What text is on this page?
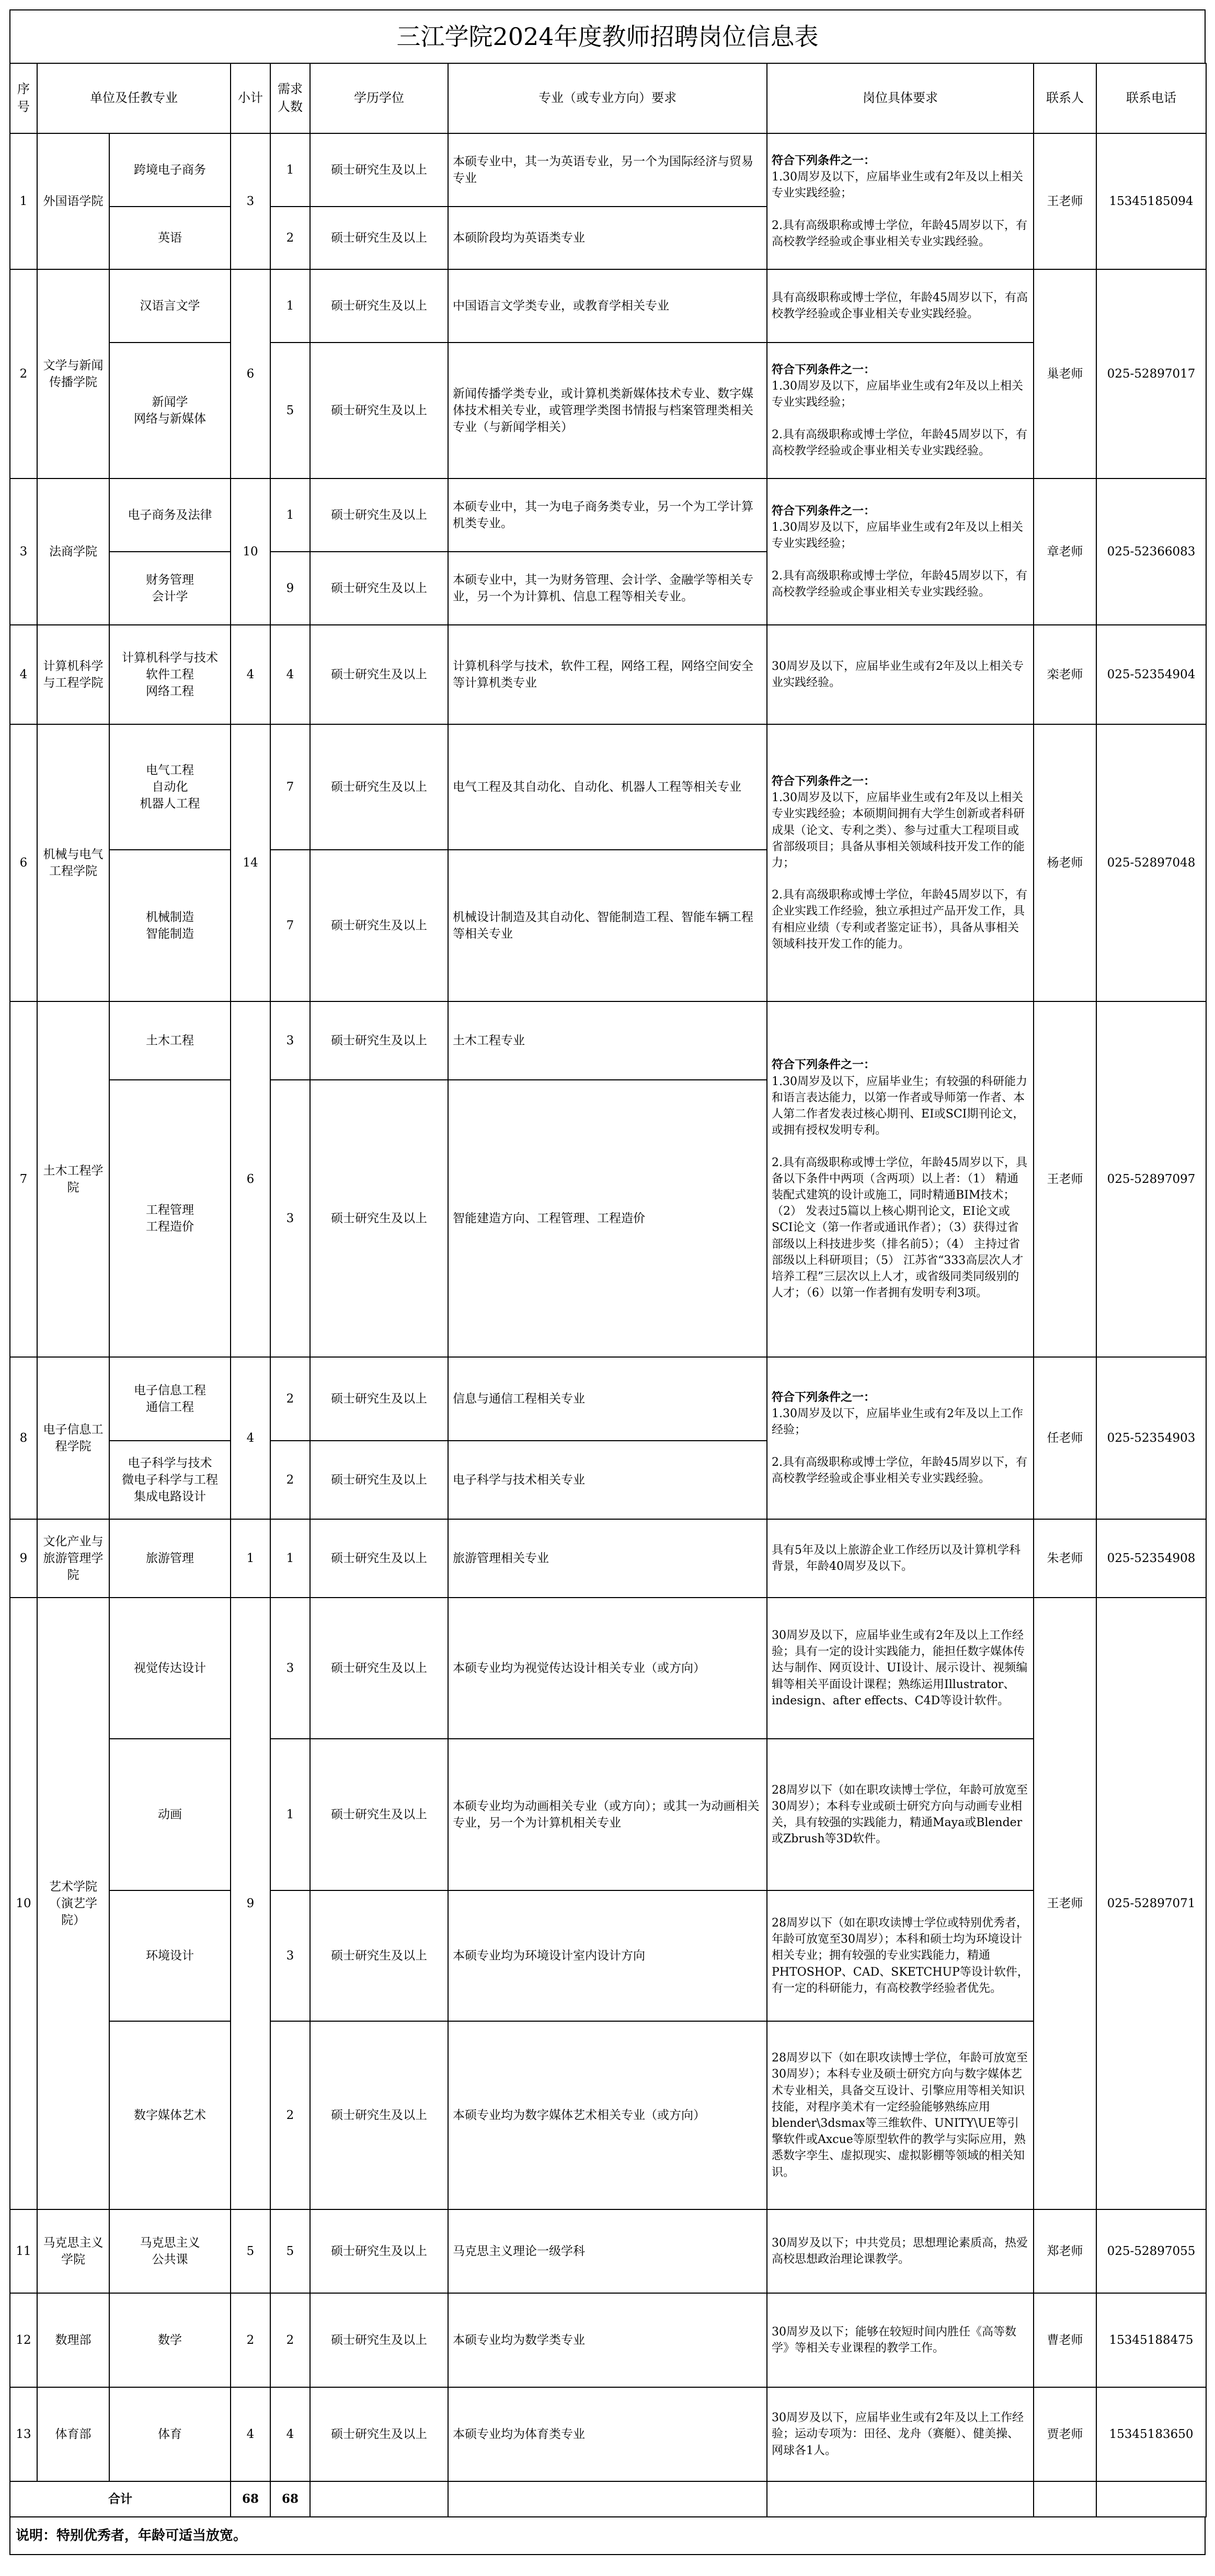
三江学院2024年度教师招聘岗位信息表
序号	单位及任教专业		小计	需求人数	学历学位	专业（或专业方向）要求	岗位具体要求	联系人	联系电话
1	外国语学院	跨境电子商务	3	1	硕士研究生及以上	本硕专业中，其一为英语专业，另一个为国际经济与贸易专业	符合下列条件之一：
1.30周岁及以下，应届毕业生或有2年及以上相关专业实践经验；
2.具有高级职称或博士学位，年龄45周岁以下，有高校教学经验或企事业相关专业实践经验。	王老师	15345185094
		英语		2	硕士研究生及以上	本硕阶段均为英语类专业			
2	文学与新闻传播学院	汉语言文学	6	1	硕士研究生及以上	中国语言文学类专业，或教育学相关专业	具有高级职称或博士学位，年龄45周岁以下，有高校教学经验或企事业相关专业实践经验。	巢老师	025-52897017
		新闻学
网络与新媒体		5	硕士研究生及以上	新闻传播学类专业，或计算机类新媒体技术专业、数字媒体技术相关专业，或管理学类图书情报与档案管理类相关专业（与新闻学相关）	符合下列条件之一：
1.30周岁及以下，应届毕业生或有2年及以上相关专业实践经验；
2.具有高级职称或博士学位，年龄45周岁以下，有高校教学经验或企事业相关专业实践经验。		

3	法商学院	电子商务及法律	10	1	硕士研究生及以上	本硕专业中，其一为电子商务类专业，另一个为工学计算机类专业。	符合下列条件之一：
1.30周岁及以下，应届毕业生或有2年及以上相关专业实践经验；
2.具有高级职称或博士学位，年龄45周岁以下，有高校教学经验或企事业相关专业实践经验。	章老师	025-52366083
		财务管理
会计学		9	硕士研究生及以上	本硕专业中，其一为财务管理、会计学、金融学等相关专业，另一个为计算机、信息工程等相关专业。			
4	计算机科学与工程学院	计算机科学与技术
软件工程
网络工程	4	4	硕士研究生及以上	计算机科学与技术，软件工程，网络工程，网络空间安全等计算机类专业	30周岁及以下，应届毕业生或有2年及以上相关专业实践经验。	栾老师	025-52354904
6	机械与电气工程学院	电气工程
自动化
机器人工程	14	7	硕士研究生及以上	电气工程及其自动化、自动化、机器人工程等相关专业	符合下列条件之一：
1.30周岁及以下，应届毕业生或有2年及以上相关专业实践经验；本硕期间拥有大学生创新或者科研成果（论文、专利之类）、参与过重大工程项目或省部级项目；具备从事相关领域科技开发工作的能力；
2.具有高级职称或博士学位，年龄45周岁以下，有企业实践工作经验，独立承担过产品开发工作，具有相应业绩（专利或者鉴定证书），具备从事相关领域科技开发工作的能力。	杨老师	025-52897048
		机械制造
智能制造		7	硕士研究生及以上	机械设计制造及其自动化、智能制造工程、智能车辆工程等相关专业			
7	土木工程学院	土木工程	6	3	硕士研究生及以上	土木工程专业	符合下列条件之一：
1.30周岁及以下，应届毕业生；有较强的科研能力和语言表达能力，以第一作者或导师第一作者、本人第二作者发表过核心期刊、EI或SCI期刊论文，或拥有授权发明专利。
2.具有高级职称或博士学位，年龄45周岁以下，具备以下条件中两项（含两项）以上者：（1） 精通装配式建筑的设计或施工，同时精通BIM技术；（2） 发表过5篇以上核心期刊论文，EI论文或SCI论文（第一作者或通讯作者）；（3）获得过省部级以上科技进步奖（排名前5）；（4） 主持过省部级以上科研项目；（5） 江苏省“333高层次人才培养工程”三层次以上人才，或省级同类同级别的人才；（6）以第一作者拥有发明专利3项。	王老师	025-52897097
		工程管理
工程造价		3	硕士研究生及以上	智能建造方向、工程管理、工程造价			
8	电子信息工程学院	电子信息工程
通信工程	4	2	硕士研究生及以上	信息与通信工程相关专业	符合下列条件之一：
1.30周岁及以下，应届毕业生或有2年及以上工作经验；
2.具有高级职称或博士学位，年龄45周岁以下，有高校教学经验或企事业相关专业实践经验。	任老师	025-52354903
		电子科学与技术
微电子科学与工程
集成电路设计		2	硕士研究生及以上	电子科学与技术相关专业			
9	文化产业与旅游管理学院	旅游管理	1	1	硕士研究生及以上	旅游管理相关专业	具有5年及以上旅游企业工作经历以及计算机学科背景，年龄40周岁及以下。	朱老师	025-52354908
10	艺术学院（演艺学院）	视觉传达设计	9	3	硕士研究生及以上	本硕专业均为视觉传达设计相关专业（或方向）	30周岁及以下，应届毕业生或有2年及以上工作经验；具有一定的设计实践能力，能担任数字媒体传达与制作、网页设计、UI设计、展示设计、视频编辑等相关平面设计课程；熟练运用Illustrator、indesign、after effects、C4D等设计软件。	王老师	025-52897071
		动画		1	硕士研究生及以上	本硕专业均为动画相关专业（或方向）；或其一为动画相关专业，另一个为计算机相关专业	28周岁以下（如在职攻读博士学位，年龄可放宽至30周岁）；本科专业或硕士研究方向与动画专业相关，具有较强的实践能力，精通Maya或Blender或Zbrush等3D软件。		
		环境设计		3	硕士研究生及以上	本硕专业均为环境设计室内设计方向	28周岁以下（如在职攻读博士学位或特别优秀者，年龄可放宽至30周岁）；本科和硕士均为环境设计相关专业；拥有较强的专业实践能力，精通PHTOSHOP、CAD、SKETCHUP等设计软件，有一定的科研能力，有高校教学经验者优先。		
		数字媒体艺术		2	硕士研究生及以上	本硕专业均为数字媒体艺术相关专业（或方向）	28周岁以下（如在职攻读博士学位，年龄可放宽至30周岁）；本科专业及硕士研究方向与数字媒体艺术专业相关，具备交互设计、引擎应用等相关知识技能，对程序美术有一定经验能够熟练应用blender\3dsmax等三维软件、UNITY\UE等引擎软件或Axcue等原型软件的教学与实际应用，熟悉数字孪生、虚拟现实、虚拟影棚等领域的相关知识。		
11	马克思主义学院	马克思主义
公共课	5	5	硕士研究生及以上	马克思主义理论一级学科	30周岁及以下；中共党员；思想理论素质高，热爱高校思想政治理论课教学。	郑老师	025-52897055
12	数理部	数学	2	2	硕士研究生及以上	本硕专业均为数学类专业	30周岁及以下；能够在较短时间内胜任《高等数学》等相关专业课程的教学工作。	曹老师	15345188475
13	体育部	体育	4	4	硕士研究生及以上	本硕专业均为体育类专业	30周岁及以下，应届毕业生或有2年及以上工作经验；运动专项为：田径、龙舟（赛艇）、健美操、网球各1人。	贾老师	15345183650
合计			68	68					
说明：特别优秀者，年龄可适当放宽。
